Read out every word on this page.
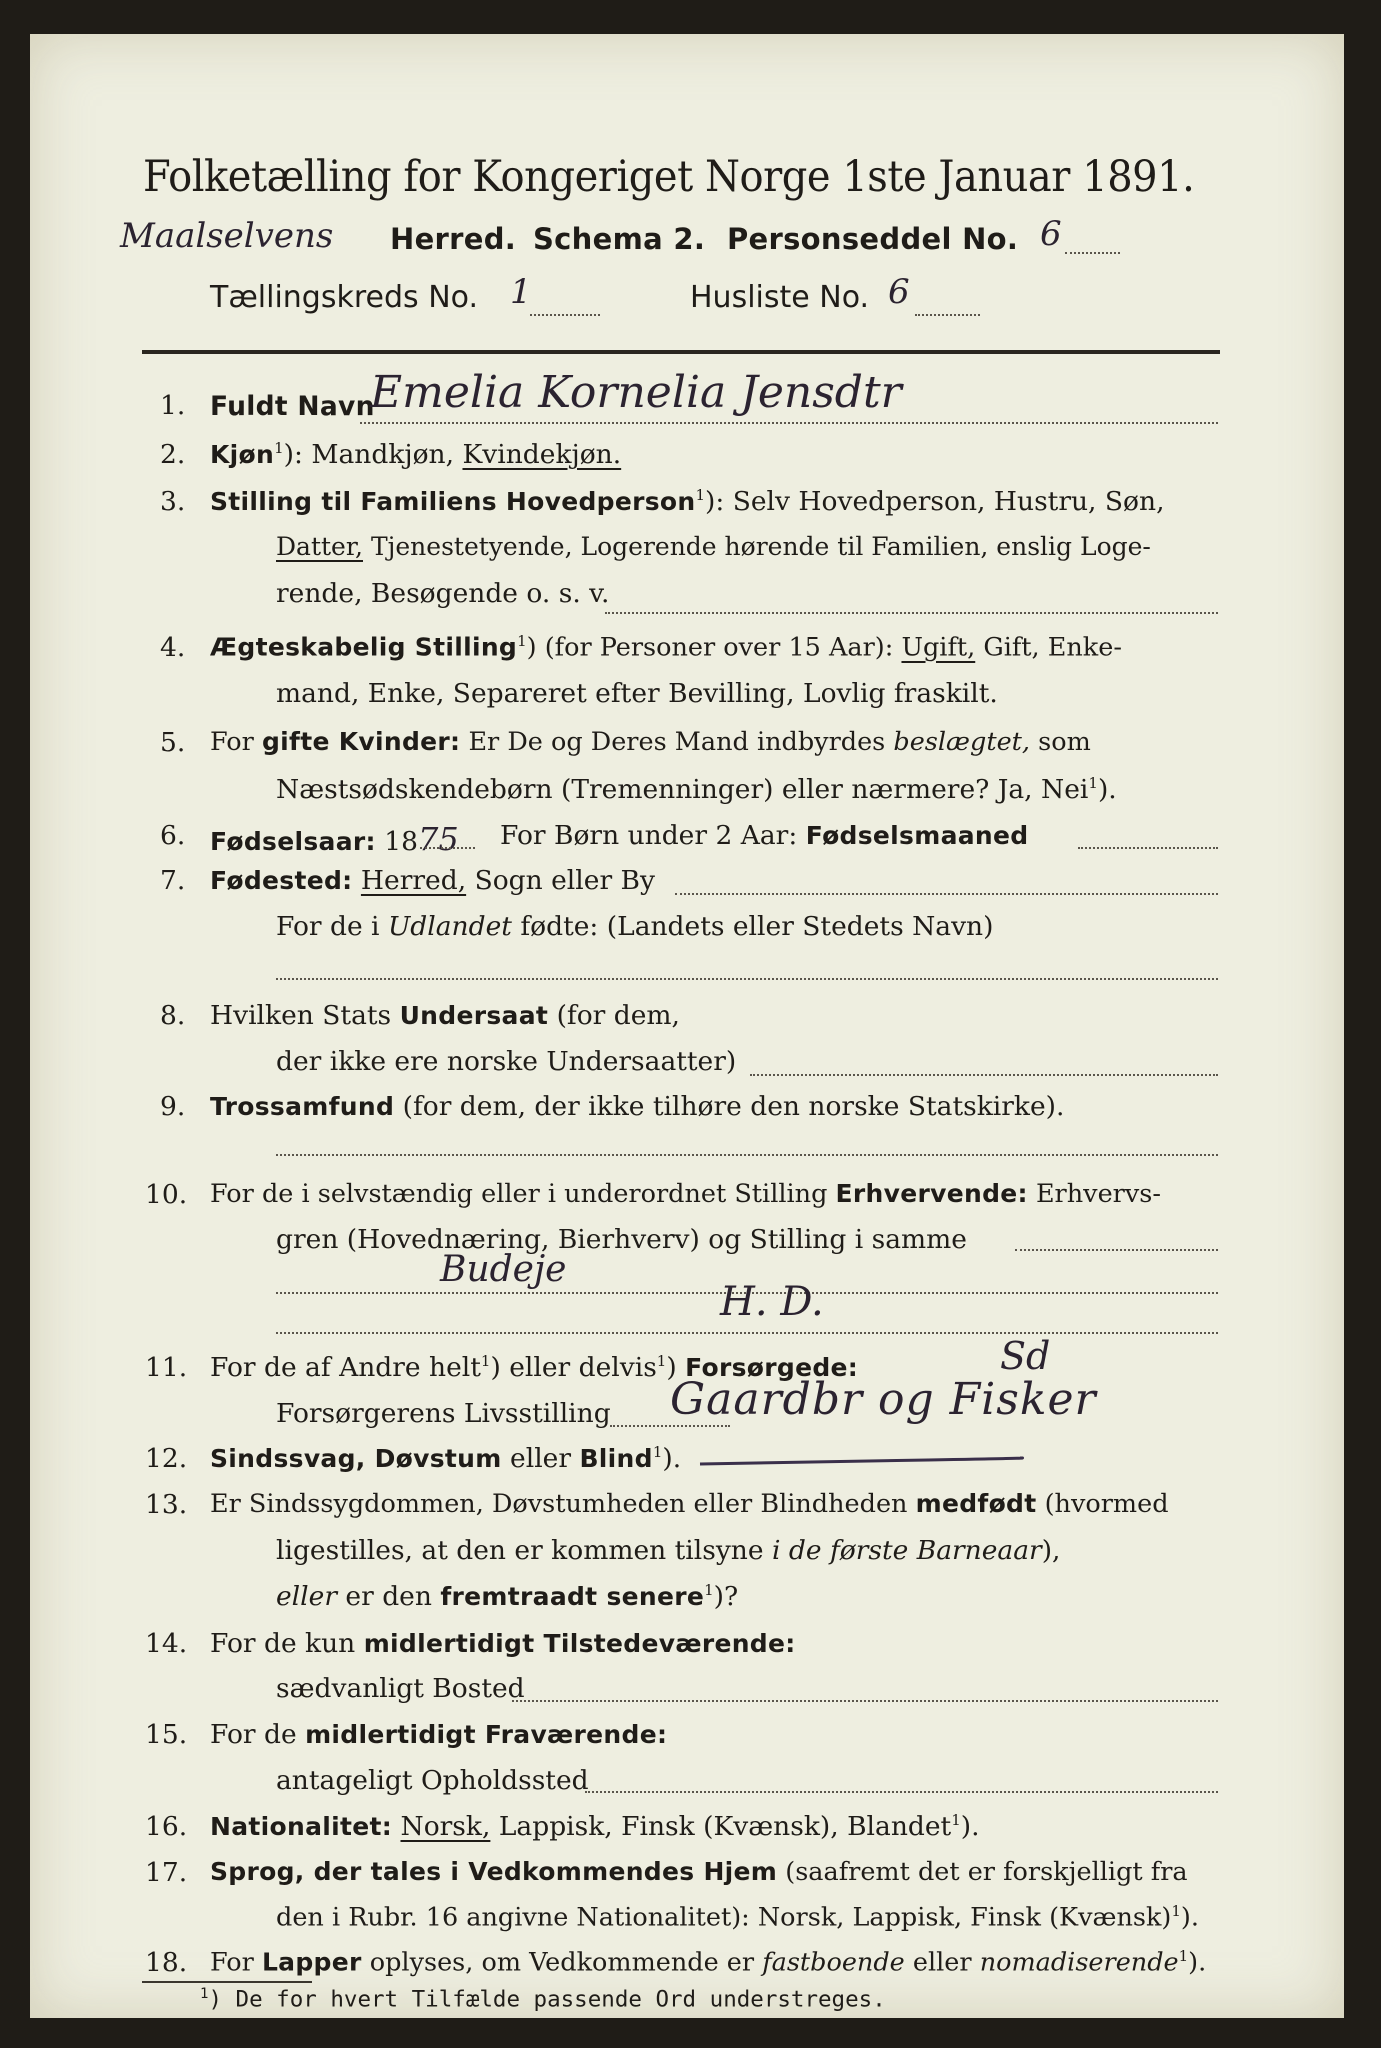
Folketælling for Kongeriget Norge 1ste Januar 1891.
Maalselvens Herred. Schema 2. Personseddel No. 6
Tællingskreds No. 1	Husliste No. 6
1. Fuldt Navn
Emelia Kornelia Jensdtr
2. Kjøn$^1$): Mandkjøn, Kvindekjøn.
3. Stilling til Familiens Hovedperson$^1$): Selv Hovedperson, Hustru, Søn,
Datter, Tjenestetyende, Logerende hørende til Familien, enslig Loge-
rende, Besøgende o. s. v.
4. Ægteskabelig Stilling$^1$) (for Personer over 15 Aar): Ugift, Gift, Enke-
mand, Enke, Separeret efter Bevilling, Lovlig fraskilt.
5. For gifte Kvinder: Er De og Deres Mand indbyrdes beslægtet, som
Næstsødskendebørn (Tremenninger) eller nærmere? Ja, Nei$^1$).
6. Fødselsaar: 1875 For Børn under 2 Aar: Fødselsmaaned
7. Fødested: Herred, Sogn eller By
For de i Udlandet fødte: (Landets eller Stedets Navn)
8. Hvilken Stats Undersaat (for dem,
der ikke ere norske Undersaatter)
9. Trossamfund (for dem, der ikke tilhøre den norske Statskirke).
10. For de i selvstændig eller i underordnet Stilling Erhvervende: Erhvervs-
gren (Hovednæring, Bierhverv) og Stilling i samme
Budeje
H. D.
11. For de af Andre helt$^1$) eller delvis$^1$) Forsørgede:	Sd
Forsørgerens Livsstilling Gaardbr og Fisker
12. Sindssvag, Døvstum eller Blind$^1$).
13. Er Sindssygdommen, Døvstumheden eller Blindheden medfødt (hvormed
ligestilles, at den er kommen tilsyne i de første Barneaar),
eller er den fremtraadt senere$^1$)?
14. For de kun midlertidigt Tilstedeværende:
sædvanligt Bosted
15. For de midlertidigt Fraværende:
antageligt Opholdssted
16. Nationalitet: Norsk, Lappisk, Finsk (Kvænsk), Blandet$^1$).
17. Sprog, der tales i Vedkommendes Hjem (saafremt det er forskjelligt fra
den i Rubr. 16 angivne Nationalitet): Norsk, Lappisk, Finsk (Kvænsk)$^1$).
18. For Lapper oplyses, om Vedkommende er fastboende eller nomadiserende$^1$).
$^1$) De for hvert Tilfælde passende Ord understreges.
